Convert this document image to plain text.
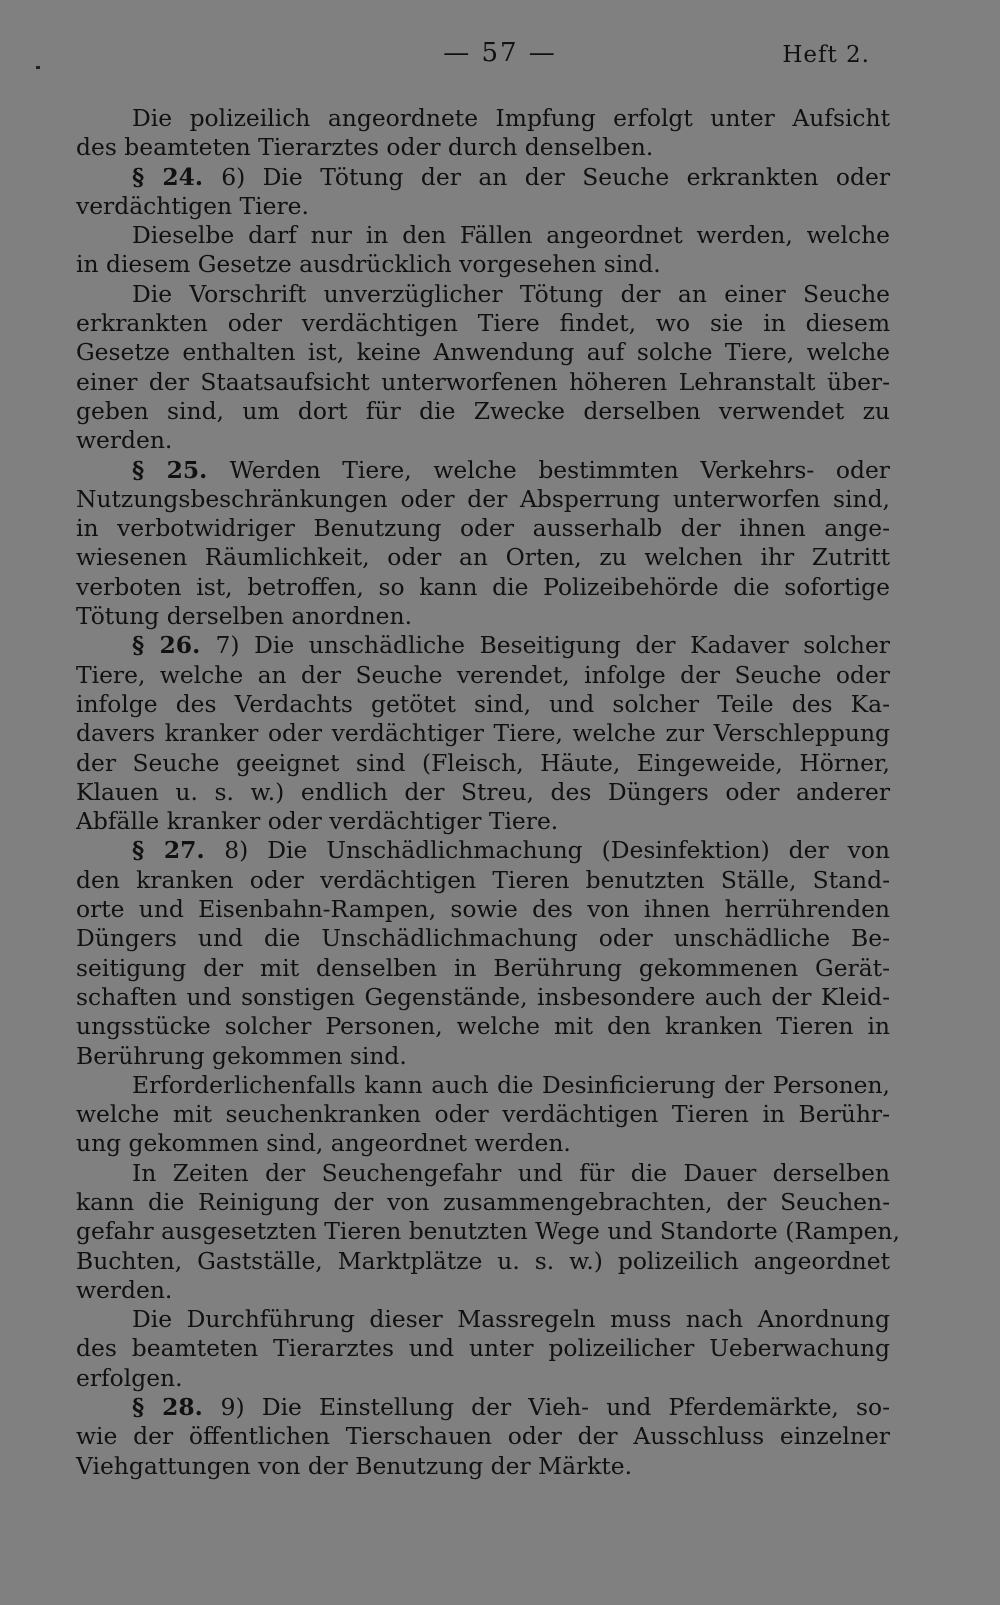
— 57 —	Heft 2.
Die polizeilich angeordnete Impfung erfolgt unter Aufsicht
des beamteten Tierarztes oder durch denselben.
§ 24. 6) Die Tötung der an der Seuche erkrankten oder
verdächtigen Tiere.
Dieselbe darf nur in den Fällen angeordnet werden, welche
in diesem Gesetze ausdrücklich vorgesehen sind.
Die Vorschrift unverzüglicher Tötung der an einer Seuche
erkrankten oder verdächtigen Tiere findet, wo sie in diesem
Gesetze enthalten ist, keine Anwendung auf solche Tiere, welche
einer der Staatsaufsicht unterworfenen höheren Lehranstalt über-
geben sind, um dort für die Zwecke derselben verwendet zu
werden.
§ 25. Werden Tiere, welche bestimmten Verkehrs- oder
Nutzungsbeschränkungen oder der Absperrung unterworfen sind,
in verbotwidriger Benutzung oder ausserhalb der ihnen ange-
wiesenen Räumlichkeit, oder an Orten, zu welchen ihr Zutritt
verboten ist, betroffen, so kann die Polizeibehörde die sofortige
Tötung derselben anordnen.
§ 26. 7) Die unschädliche Beseitigung der Kadaver solcher
Tiere, welche an der Seuche verendet, infolge der Seuche oder
infolge des Verdachts getötet sind, und solcher Teile des Ka-
davers kranker oder verdächtiger Tiere, welche zur Verschleppung
der Seuche geeignet sind (Fleisch, Häute, Eingeweide, Hörner,
Klauen u. s. w.) endlich der Streu, des Düngers oder anderer
Abfälle kranker oder verdächtiger Tiere.
§ 27. 8) Die Unschädlichmachung (Desinfektion) der von
den kranken oder verdächtigen Tieren benutzten Ställe, Stand-
orte und Eisenbahn-Rampen, sowie des von ihnen herrührenden
Düngers und die Unschädlichmachung oder unschädliche Be-
seitigung der mit denselben in Berührung gekommenen Gerät-
schaften und sonstigen Gegenstände, insbesondere auch der Kleid-
ungsstücke solcher Personen, welche mit den kranken Tieren in
Berührung gekommen sind.
Erforderlichenfalls kann auch die Desinficierung der Personen,
welche mit seuchenkranken oder verdächtigen Tieren in Berühr-
ung gekommen sind, angeordnet werden.
In Zeiten der Seuchengefahr und für die Dauer derselben
kann die Reinigung der von zusammengebrachten, der Seuchen-
gefahr ausgesetzten Tieren benutzten Wege und Standorte (Rampen,
Buchten, Gastställe, Marktplätze u. s. w.) polizeilich angeordnet
werden.
Die Durchführung dieser Massregeln muss nach Anordnung
des beamteten Tierarztes und unter polizeilicher Ueberwachung
erfolgen.
§ 28. 9) Die Einstellung der Vieh- und Pferdemärkte, so-
wie der öffentlichen Tierschauen oder der Ausschluss einzelner
Viehgattungen von der Benutzung der Märkte.
